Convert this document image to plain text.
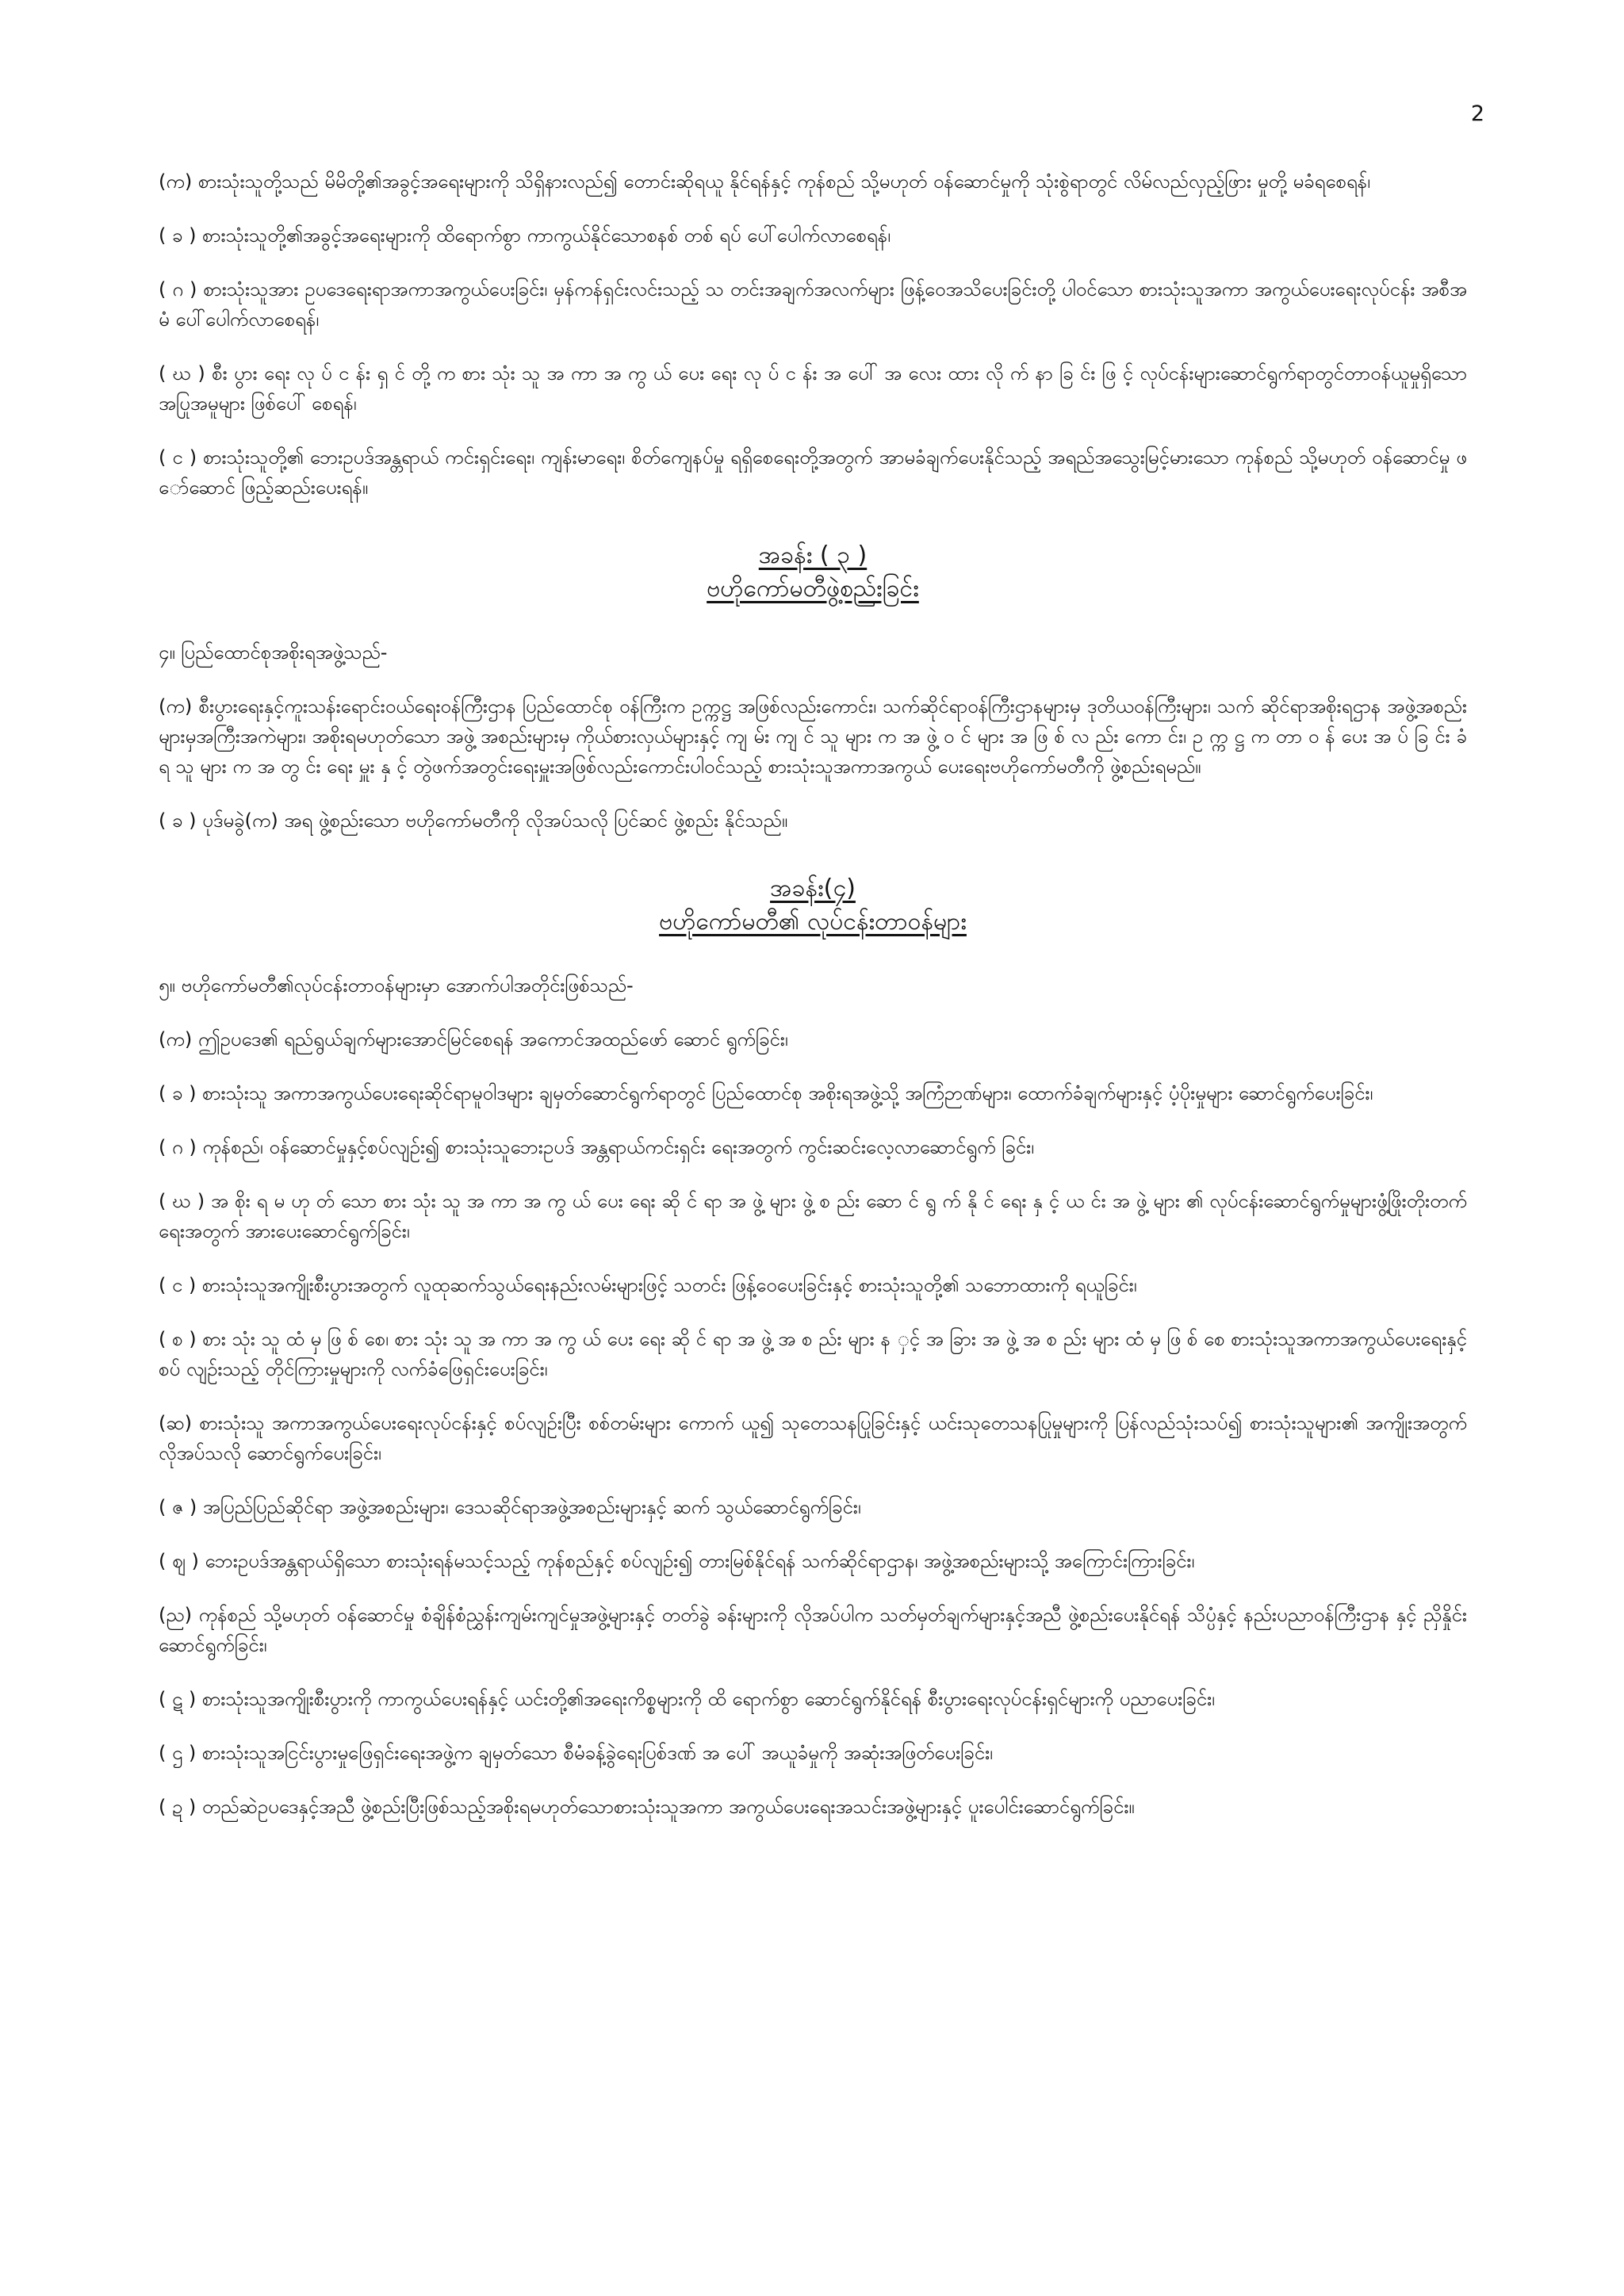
2

(က) စားသုံးသူတို့သည် မိမိတို့၏အခွင့်အရေးများကို သိရှိနားလည်၍ တောင်းဆိုရယူ နိုင်ရန်နှင့် ကုန်စည် သို့မဟုတ် ဝန်ဆောင်မှုကို သုံးစွဲရာတွင် လိမ်လည်လှည့်ဖြား မှုတို့ မခံရစေရန်၊

( ခ ) စားသုံးသူတို့၏အခွင့်အရေးများကို ထိရောက်စွာ ကာကွယ်နိုင်သောစနစ် တစ် ရပ် ပေါ်ပေါက်လာစေရန်၊

( ဂ ) စားသုံးသူအား ဥပဒေရေးရာအကာအကွယ်ပေးခြင်း၊ မှန်ကန်ရှင်းလင်းသည့် သ တင်းအချက်အလက်များ ဖြန့်ဝေအသိပေးခြင်းတို့ ပါဝင်သော စားသုံးသူအကာ အကွယ်ပေးရေးလုပ်ငန်း အစီအမံ ပေါ်ပေါက်လာစေရန်၊

( ဃ ) စီး ပွား ရေး လု ပ် င န်း ရှ င် တို့ က စား သုံး သူ အ ကာ အ ကွ ယ် ပေး ရေး လု ပ် င န်း အ ပေါ် အ လေး ထား လို က် နာ ခြ င်း ဖြ င့် လုပ်ငန်းများဆောင်ရွက်ရာတွင်တာဝန်ယူမှုရှိသော အပြုအမူများ ဖြစ်ပေါ် စေရန်၊

( င ) စားသုံးသူတို့၏ ဘေးဥပဒ်အန္တရာယ် ကင်းရှင်းရေး၊ ကျန်းမာရေး၊ စိတ်ကျေနပ်မှု ရရှိစေရေးတို့အတွက် အာမခံချက်ပေးနိုင်သည့် အရည်အသွေးမြင့်မားသော ကုန်စည် သို့မဟုတ် ဝန်ဆောင်မှု ဖော်ဆောင် ဖြည့်ဆည်းပေးရန်။

အခန်း ( ၃ )
ဗဟိုကော်မတီဖွဲ့စည်းခြင်း

၄။ ပြည်ထောင်စုအစိုးရအဖွဲ့သည်-

(က) စီးပွားရေးနှင့်ကူးသန်းရောင်းဝယ်ရေးဝန်ကြီးဌာန ပြည်ထောင်စု ဝန်ကြီးက ဥက္ကဋ္ဌ အဖြစ်လည်းကောင်း၊ သက်ဆိုင်ရာဝန်ကြီးဌာနများမှ ဒုတိယဝန်ကြီးများ၊ သက် ဆိုင်ရာအစိုးရဌာန အဖွဲ့အစည်းများမှအကြီးအကဲများ၊ အစိုးရမဟုတ်သော အဖွဲ့ အစည်းများမှ ကိုယ်စားလှယ်များနှင့် ကျ မ်း ကျ င် သူ များ က အ ဖွဲ့ ဝ င် များ အ ဖြ စ် လ ည်း ကော င်း၊ ဥ က္က ဋ္ဌ က တာ ဝ န် ပေး အ ပ် ခြ င်း ခံ ရ သူ များ က အ တွ င်း ရေး မှူး နှ င့် တွဲဖက်အတွင်းရေးမှူးအဖြစ်လည်းကောင်းပါဝင်သည့် စားသုံးသူအကာအကွယ် ပေးရေးဗဟိုကော်မတီကို ဖွဲ့စည်းရမည်။

( ခ ) ပုဒ်မခွဲ(က) အရ ဖွဲ့စည်းသော ဗဟိုကော်မတီကို လိုအပ်သလို ပြင်ဆင် ဖွဲ့စည်း နိုင်သည်။

အခန်း(၄)
ဗဟိုကော်မတီ၏ လုပ်ငန်းတာဝန်များ

၅။ ဗဟိုကော်မတီ၏လုပ်ငန်းတာဝန်များမှာ အောက်ပါအတိုင်းဖြစ်သည်-

(က) ဤဥပဒေ၏ ရည်ရွယ်ချက်များအောင်မြင်စေရန် အကောင်အထည်ဖော် ဆောင် ရွက်ခြင်း၊

( ခ ) စားသုံးသူ အကာအကွယ်ပေးရေးဆိုင်ရာမူဝါဒများ ချမှတ်ဆောင်ရွက်ရာတွင် ပြည်ထောင်စု အစိုးရအဖွဲ့သို့ အကြံဉာဏ်များ၊ ထောက်ခံချက်များနှင့် ပံ့ပိုးမှုများ ဆောင်ရွက်ပေးခြင်း၊

( ဂ ) ကုန်စည်၊ ဝန်ဆောင်မှုနှင့်စပ်လျဉ်း၍ စားသုံးသူဘေးဥပဒ် အန္တရာယ်ကင်းရှင်း ရေးအတွက် ကွင်းဆင်းလေ့လာဆောင်ရွက် ခြင်း၊

( ဃ ) အ စိုး ရ မ ဟု တ် သော စား သုံး သူ အ ကာ အ ကွ ယ် ပေး ရေး ဆို င် ရာ အ ဖွဲ့ များ ဖွဲ့ စ ည်း ဆော င် ရွ က် နို င် ရေး နှ င့် ယ င်း အ ဖွဲ့ များ ၏ လုပ်ငန်းဆောင်ရွက်မှုများဖွံ့ဖြိုးတိုးတက် ရေးအတွက် အားပေးဆောင်ရွက်ခြင်း၊

( င ) စားသုံးသူအကျိုးစီးပွားအတွက် လူထုဆက်သွယ်ရေးနည်းလမ်းများဖြင့် သတင်း ဖြန့်ဝေပေးခြင်းနှင့် စားသုံးသူတို့၏ သဘောထားကို ရယူခြင်း၊

( စ ) စား သုံး သူ ထံ မှ ဖြ စ် စေ၊ စား သုံး သူ အ ကာ အ ကွ ယ် ပေး ရေး ဆို င် ရာ အ ဖွဲ့ အ စ ည်း များ န ှင့် အ ခြား အ ဖွဲ့ အ စ ည်း များ ထံ မှ ဖြ စ် စေ စားသုံးသူအကာအကွယ်ပေးရေးနှင့် စပ် လျဉ်းသည့် တိုင်ကြားမှုများကို လက်ခံဖြေရှင်းပေးခြင်း၊

(ဆ) စားသုံးသူ အကာအကွယ်ပေးရေးလုပ်ငန်းနှင့် စပ်လျဉ်းပြီး စစ်တမ်းများ ကောက် ယူ၍ သုတေသနပြုခြင်းနှင့် ယင်းသုတေသနပြုမှုများကို ပြန်လည်သုံးသပ်၍ စားသုံးသူများ၏ အကျိုးအတွက် လိုအပ်သလို ဆောင်ရွက်ပေးခြင်း၊

( ဇ ) အပြည်ပြည်ဆိုင်ရာ အဖွဲ့အစည်းများ၊ ဒေသဆိုင်ရာအဖွဲ့အစည်းများနှင့် ဆက် သွယ်ဆောင်ရွက်ခြင်း၊

( ဈ ) ဘေးဥပဒ်အန္တရာယ်ရှိသော စားသုံးရန်မသင့်သည့် ကုန်စည်နှင့် စပ်လျဉ်း၍ တားမြစ်နိုင်ရန် သက်ဆိုင်ရာဌာန၊ အဖွဲ့အစည်းများသို့ အကြောင်းကြားခြင်း၊

(ည) ကုန်စည် သို့မဟုတ် ဝန်ဆောင်မှု စံချိန်စံညွှန်းကျမ်းကျင်မှုအဖွဲ့များနှင့် တတ်ခွဲ ခန်းများကို လိုအပ်ပါက သတ်မှတ်ချက်များနှင့်အညီ ဖွဲ့စည်းပေးနိုင်ရန် သိပ္ပံနှင့် နည်းပညာဝန်ကြီးဌာန နှင့် ညှိနှိုင်းဆောင်ရွက်ခြင်း၊

( ဋ ) စားသုံးသူအကျိုးစီးပွားကို ကာကွယ်ပေးရန်နှင့် ယင်းတို့၏အရေးကိစ္စများကို ထိ ရောက်စွာ ဆောင်ရွက်နိုင်ရန် စီးပွားရေးလုပ်ငန်းရှင်များကို ပညာပေးခြင်း၊

( ဌ ) စားသုံးသူအငြင်းပွားမှုဖြေရှင်းရေးအဖွဲ့က ချမှတ်သော စီမံခန့်ခွဲရေးပြစ်ဒဏ် အ ပေါ် အယူခံမှုကို အဆုံးအဖြတ်ပေးခြင်း၊

( ဍ ) တည်ဆဲဥပဒေနှင့်အညီ ဖွဲ့စည်းပြီးဖြစ်သည့်အစိုးရမဟုတ်သောစားသုံးသူအကာ အကွယ်ပေးရေးအသင်းအဖွဲ့များနှင့် ပူးပေါင်းဆောင်ရွက်ခြင်း။
